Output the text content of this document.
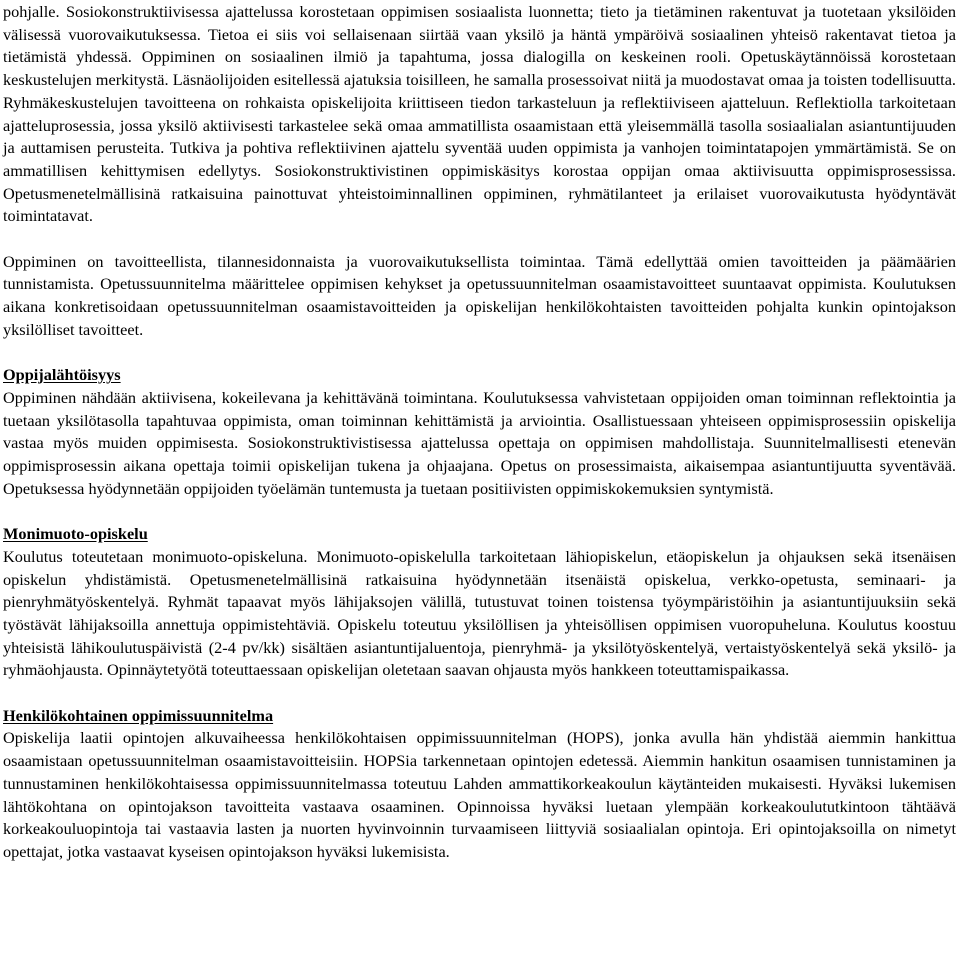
pohjalle. Sosiokonstruktiivisessa ajattelussa korostetaan oppimisen sosiaalista luonnetta; tieto ja tietäminen rakentuvat ja tuotetaan yksilöiden välisessä vuorovaikutuksessa. Tietoa ei siis voi sellaisenaan siirtää vaan yksilö ja häntä ympäröivä sosiaalinen yhteisö rakentavat tietoa ja tietämistä yhdessä. Oppiminen on sosiaalinen ilmiö ja tapahtuma, jossa dialogilla on keskeinen rooli. Opetuskäytännöissä korostetaan keskustelujen merkitystä. Läsnäolijoiden esitellessä ajatuksia toisilleen, he samalla prosessoivat niitä ja muodostavat omaa ja toisten todellisuutta. Ryhmäkeskustelujen tavoitteena on rohkaista opiskelijoita kriittiseen tiedon tarkasteluun ja reflektiiviseen ajatteluun. Reflektiolla tarkoitetaan ajatteluprosessia, jossa yksilö aktiivisesti tarkastelee sekä omaa ammatillista osaamistaan että yleisemmällä tasolla sosiaalialan asiantuntijuuden ja auttamisen perusteita. Tutkiva ja pohtiva reflektiivinen ajattelu syventää uuden oppimista ja vanhojen toimintatapojen ymmärtämistä. Se on ammatillisen kehittymisen edellytys. Sosiokonstruktivistinen oppimiskäsitys korostaa oppijan omaa aktiivisuutta oppimisprosessissa. Opetusmenetelmällisinä ratkaisuina painottuvat yhteistoiminnallinen oppiminen, ryhmätilanteet ja erilaiset vuorovaikutusta hyödyntävät toimintatavat.

Oppiminen on tavoitteellista, tilannesidonnaista ja vuorovaikutuksellista toimintaa. Tämä edellyttää omien tavoitteiden ja päämäärien tunnistamista. Opetussuunnitelma määrittelee oppimisen kehykset ja opetussuunnitelman osaamistavoitteet suuntaavat oppimista. Koulutuksen aikana konkretisoidaan opetussuunnitelman osaamistavoitteiden ja opiskelijan henkilökohtaisten tavoitteiden pohjalta kunkin opintojakson yksilölliset tavoitteet.

Oppijalähtöisyys

Oppiminen nähdään aktiivisena, kokeilevana ja kehittävänä toimintana. Koulutuksessa vahvistetaan oppijoiden oman toiminnan reflektointia ja tuetaan yksilötasolla tapahtuvaa oppimista, oman toiminnan kehittämistä ja arviointia. Osallistuessaan yhteiseen oppimisprosessiin opiskelija vastaa myös muiden oppimisesta. Sosiokonstruktivistisessa ajattelussa opettaja on oppimisen mahdollistaja. Suunnitelmallisesti etenevän oppimisprosessin aikana opettaja toimii opiskelijan tukena ja ohjaajana. Opetus on prosessimaista, aikaisempaa asiantuntijuutta syventävää. Opetuksessa hyödynnetään oppijoiden työelämän tuntemusta ja tuetaan positiivisten oppimiskokemuksien syntymistä.

Monimuoto-opiskelu

Koulutus toteutetaan monimuoto-opiskeluna. Monimuoto-opiskelulla tarkoitetaan lähiopiskelun, etäopiskelun ja ohjauksen sekä itsenäisen opiskelun yhdistämistä. Opetusmenetelmällisinä ratkaisuina hyödynnetään itsenäistä opiskelua, verkko-opetusta, seminaari- ja pienryhmätyöskentelyä. Ryhmät tapaavat myös lähijaksojen välillä, tutustuvat toinen toistensa työympäristöihin ja asiantuntijuuksiin sekä työstävät lähijaksoilla annettuja oppimistehtäviä. Opiskelu toteutuu yksilöllisen ja yhteisöllisen oppimisen vuoropuheluna. Koulutus koostuu yhteisistä lähikoulutuspäivistä (2-4 pv/kk) sisältäen asiantuntijaluentoja, pienryhmä- ja yksilötyöskentelyä, vertaistyöskentelyä sekä yksilö- ja ryhmäohjausta. Opinnäytetyötä toteuttaessaan opiskelijan oletetaan saavan ohjausta myös hankkeen toteuttamispaikassa.

Henkilökohtainen oppimissuunnitelma

Opiskelija laatii opintojen alkuvaiheessa henkilökohtaisen oppimissuunnitelman (HOPS), jonka avulla hän yhdistää aiemmin hankittua osaamistaan opetussuunnitelman osaamistavoitteisiin. HOPSia tarkennetaan opintojen edetessä. Aiemmin hankitun osaamisen tunnistaminen ja tunnustaminen henkilökohtaisessa oppimissuunnitelmassa toteutuu Lahden ammattikorkeakoulun käytänteiden mukaisesti. Hyväksi lukemisen lähtökohtana on opintojakson tavoitteita vastaava osaaminen. Opinnoissa hyväksi luetaan ylempään korkeakoulututkintoon tähtäävä korkeakouluopintoja tai vastaavia lasten ja nuorten hyvinvoinnin turvaamiseen liittyviä sosiaalialan opintoja. Eri opintojaksoilla on nimetyt opettajat, jotka vastaavat kyseisen opintojakson hyväksi lukemisista.
